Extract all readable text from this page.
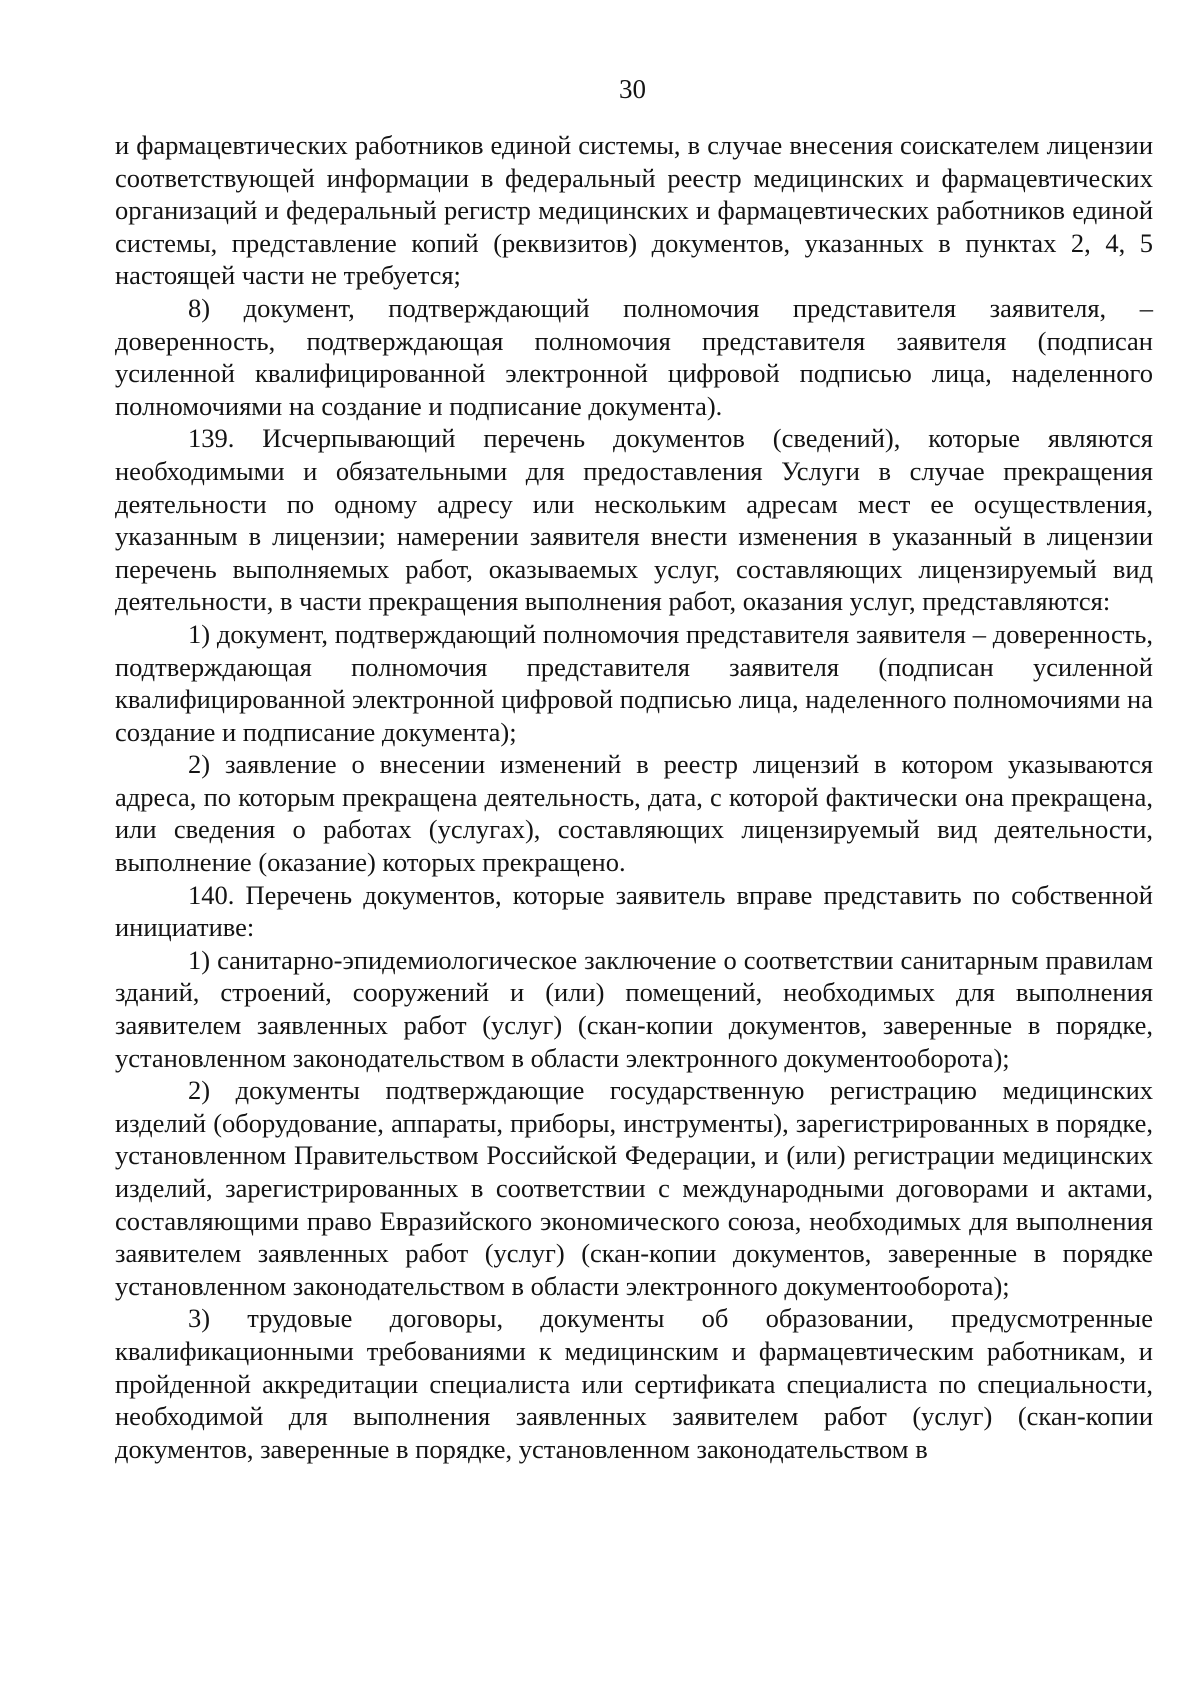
30

и фармацевтических работников единой системы, в случае внесения соискателем лицензии соответствующей информации в федеральный реестр медицинских и фармацевтических организаций и федеральный регистр медицинских и фармацевтических работников единой системы, представление копий (реквизитов) документов, указанных в пунктах 2, 4, 5 настоящей части не требуется;

8) документ, подтверждающий полномочия представителя заявителя, – доверенность, подтверждающая полномочия представителя заявителя (подписан усиленной квалифицированной электронной цифровой подписью лица, наделенного полномочиями на создание и подписание документа).

139. Исчерпывающий перечень документов (сведений), которые являются необходимыми и обязательными для предоставления Услуги в случае прекращения деятельности по одному адресу или нескольким адресам мест ее осуществления, указанным в лицензии; намерении заявителя внести изменения в указанный в лицензии перечень выполняемых работ, оказываемых услуг, составляющих лицензируемый вид деятельности, в части прекращения выполнения работ, оказания услуг, представляются:

1) документ, подтверждающий полномочия представителя заявителя – доверенность, подтверждающая полномочия представителя заявителя (подписан усиленной квалифицированной электронной цифровой подписью лица, наделенного полномочиями на создание и подписание документа);

2) заявление о внесении изменений в реестр лицензий в котором указываются адреса, по которым прекращена деятельность, дата, с которой фактически она прекращена, или сведения о работах (услугах), составляющих лицензируемый вид деятельности, выполнение (оказание) которых прекращено.

140. Перечень документов, которые заявитель вправе представить по собственной инициативе:

1) санитарно-эпидемиологическое заключение о соответствии санитарным правилам зданий, строений, сооружений и (или) помещений, необходимых для выполнения заявителем заявленных работ (услуг) (скан-копии документов, заверенные в порядке, установленном законодательством в области электронного документооборота);

2) документы подтверждающие государственную регистрацию медицинских изделий (оборудование, аппараты, приборы, инструменты), зарегистрированных в порядке, установленном Правительством Российской Федерации, и (или) регистрации медицинских изделий, зарегистрированных в соответствии с международными договорами и актами, составляющими право Евразийского экономического союза, необходимых для выполнения заявителем заявленных работ (услуг) (скан-копии документов, заверенные в порядке установленном законодательством в области электронного документооборота);

3) трудовые договоры, документы об образовании, предусмотренные квалификационными требованиями к медицинским и фармацевтическим работникам, и пройденной аккредитации специалиста или сертификата специалиста по специальности, необходимой для выполнения заявленных заявителем работ (услуг) (скан-копии документов, заверенные в порядке, установленном законодательством в
